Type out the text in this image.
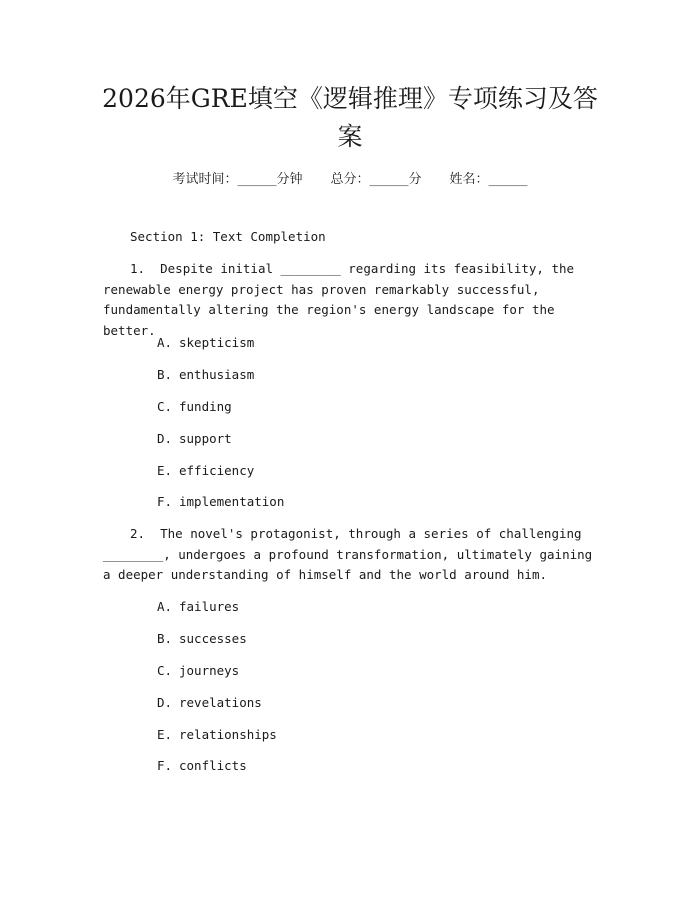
2026年GRE填空《逻辑推理》专项练习及答案
考试时间：______分钟 总分：______分 姓名：______
Section 1: Text Completion

1. Despite initial ________ regarding its feasibility, the renewable energy project has proven remarkably successful, fundamentally altering the region's energy landscape for the better.

A. skepticism
B. enthusiasm
C. funding
D. support
E. efficiency
F. implementation

2. The novel's protagonist, through a series of challenging ________, undergoes a profound transformation, ultimately gaining a deeper understanding of himself and the world around him.

A. failures
B. successes
C. journeys
D. revelations
E. relationships
F. conflicts
